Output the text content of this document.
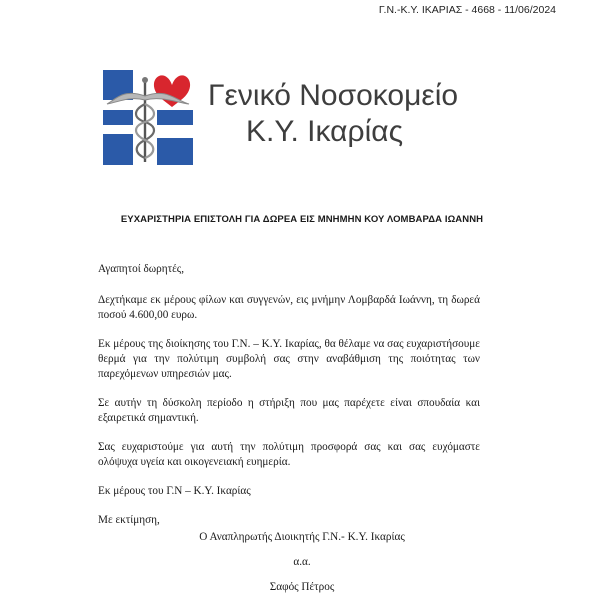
Γ.Ν.-Κ.Υ. ΙΚΑΡΙΑΣ - 4668 - 11/06/2024
Γενικό Νοσοκομείο
Κ.Υ. Ικαρίας
ΕΥΧΑΡΙΣΤΗΡΙΑ ΕΠΙΣΤΟΛΗ ΓΙΑ ΔΩΡΕΑ ΕΙΣ ΜΝΗΜΗΝ ΚΟΥ ΛΟΜΒΑΡΔΑ ΙΩΑΝΝΗ

Αγαπητοί δωρητές,

Δεχτήκαμε εκ μέρους φίλων και συγγενών, εις μνήμην Λομβαρδά Ιωάννη, τη δωρεά ποσού 4.600,00 ευρω.

Εκ μέρους της διοίκησης του Γ.Ν. – Κ.Υ. Ικαρίας, θα θέλαμε να σας ευχαριστήσουμε θερμά για την πολύτιμη συμβολή σας στην αναβάθμιση της ποιότητας των παρεχόμενων υπηρεσιών μας.

Σε αυτήν τη δύσκολη περίοδο η στήριξη που μας παρέχετε είναι σπουδαία και εξαιρετικά σημαντική.

Σας ευχαριστούμε για αυτή την πολύτιμη προσφορά σας και σας ευχόμαστε ολόψυχα υγεία και οικογενειακή ευημερία.

Εκ μέρους του Γ.Ν – Κ.Υ. Ικαρίας

Με εκτίμηση,

Ο Αναπληρωτής Διοικητής Γ.Ν.- Κ.Υ. Ικαρίας
α.α.
Σαφός Πέτρος
